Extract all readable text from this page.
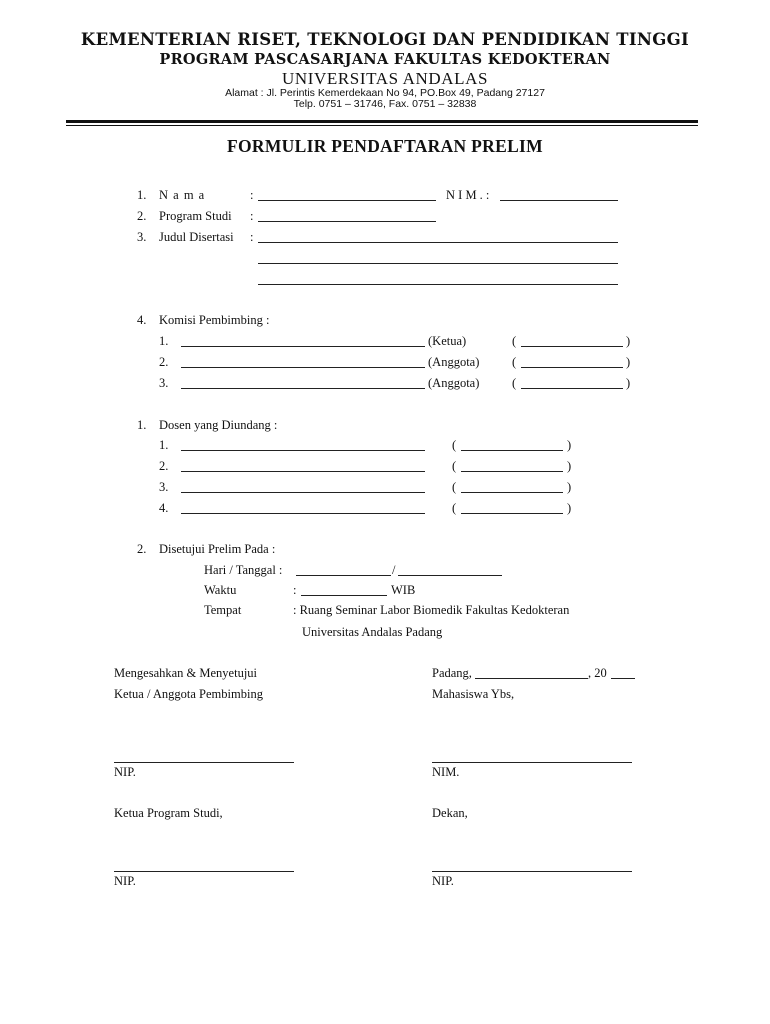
KEMENTERIAN RISET, TEKNOLOGI DAN PENDIDIKAN TINGGI
PROGRAM PASCASARJANA FAKULTAS KEDOKTERAN
UNIVERSITAS ANDALAS
Alamat : Jl. Perintis Kemerdekaan No 94, PO.Box 49, Padang 27127
Telp. 0751 – 31746, Fax. 0751 – 32838
FORMULIR PENDAFTARAN PRELIM
1. N a m a	:	N I M . :
2. Program Studi :
3. Judul Disertasi :
4. Komisi Pembimbing :
1.	(Ketua)	(	)
2.	(Anggota)	(	)
3.	(Anggota)	(	)
1. Dosen yang Diundang :
1.	(	)
2.	(	)
3.	(	)
4.	(	)
2. Disetujui Prelim Pada :
Hari / Tanggal :	/
Waktu	:	WIB
Tempat	: Ruang Seminar Labor Biomedik Fakultas Kedokteran
Universitas Andalas Padang
Mengesahkan & Menyetujui
Ketua / Anggota Pembimbing
Padang,	, 20
Mahasiswa Ybs,
NIP.	NIM.
Ketua Program Studi,	Dekan,
NIP.	NIP.
